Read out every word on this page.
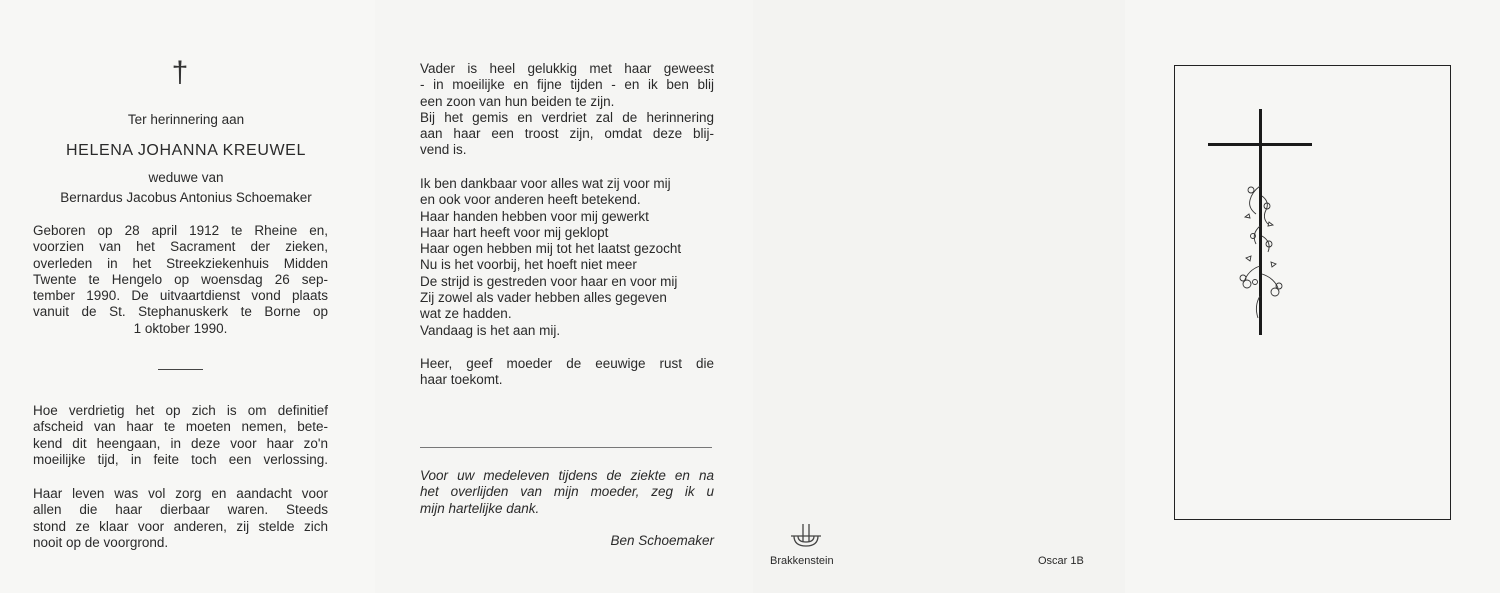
†
Ter herinnering aan
HELENA JOHANNA KREUWEL
weduwe van
Bernardus Jacobus Antonius Schoemaker
Geboren op 28 april 1912 te Rheine en,
voorzien van het Sacrament der zieken,
overleden in het Streekziekenhuis Midden
Twente te Hengelo op woensdag 26 sep-
tember 1990. De uitvaartdienst vond plaats
vanuit de St. Stephanuskerk te Borne op
1 oktober 1990.
Hoe verdrietig het op zich is om definitief
afscheid van haar te moeten nemen, bete-
kend dit heengaan, in deze voor haar zo'n
moeilijke tijd, in feite toch een verlossing.
Haar leven was vol zorg en aandacht voor
allen die haar dierbaar waren. Steeds
stond ze klaar voor anderen, zij stelde zich
nooit op de voorgrond.
Vader is heel gelukkig met haar geweest
- in moeilijke en fijne tijden - en ik ben blij
een zoon van hun beiden te zijn.
Bij het gemis en verdriet zal de herinnering
aan haar een troost zijn, omdat deze blij-
vend is.
Ik ben dankbaar voor alles wat zij voor mij
en ook voor anderen heeft betekend.
Haar handen hebben voor mij gewerkt
Haar hart heeft voor mij geklopt
Haar ogen hebben mij tot het laatst gezocht
Nu is het voorbij, het hoeft niet meer
De strijd is gestreden voor haar en voor mij
Zij zowel als vader hebben alles gegeven
wat ze hadden.
Vandaag is het aan mij.
Heer, geef moeder de eeuwige rust die
haar toekomt.
Voor uw medeleven tijdens de ziekte en na
het overlijden van mijn moeder, zeg ik u
mijn hartelijke dank.
Ben Schoemaker
Brakkenstein	Oscar 1B
